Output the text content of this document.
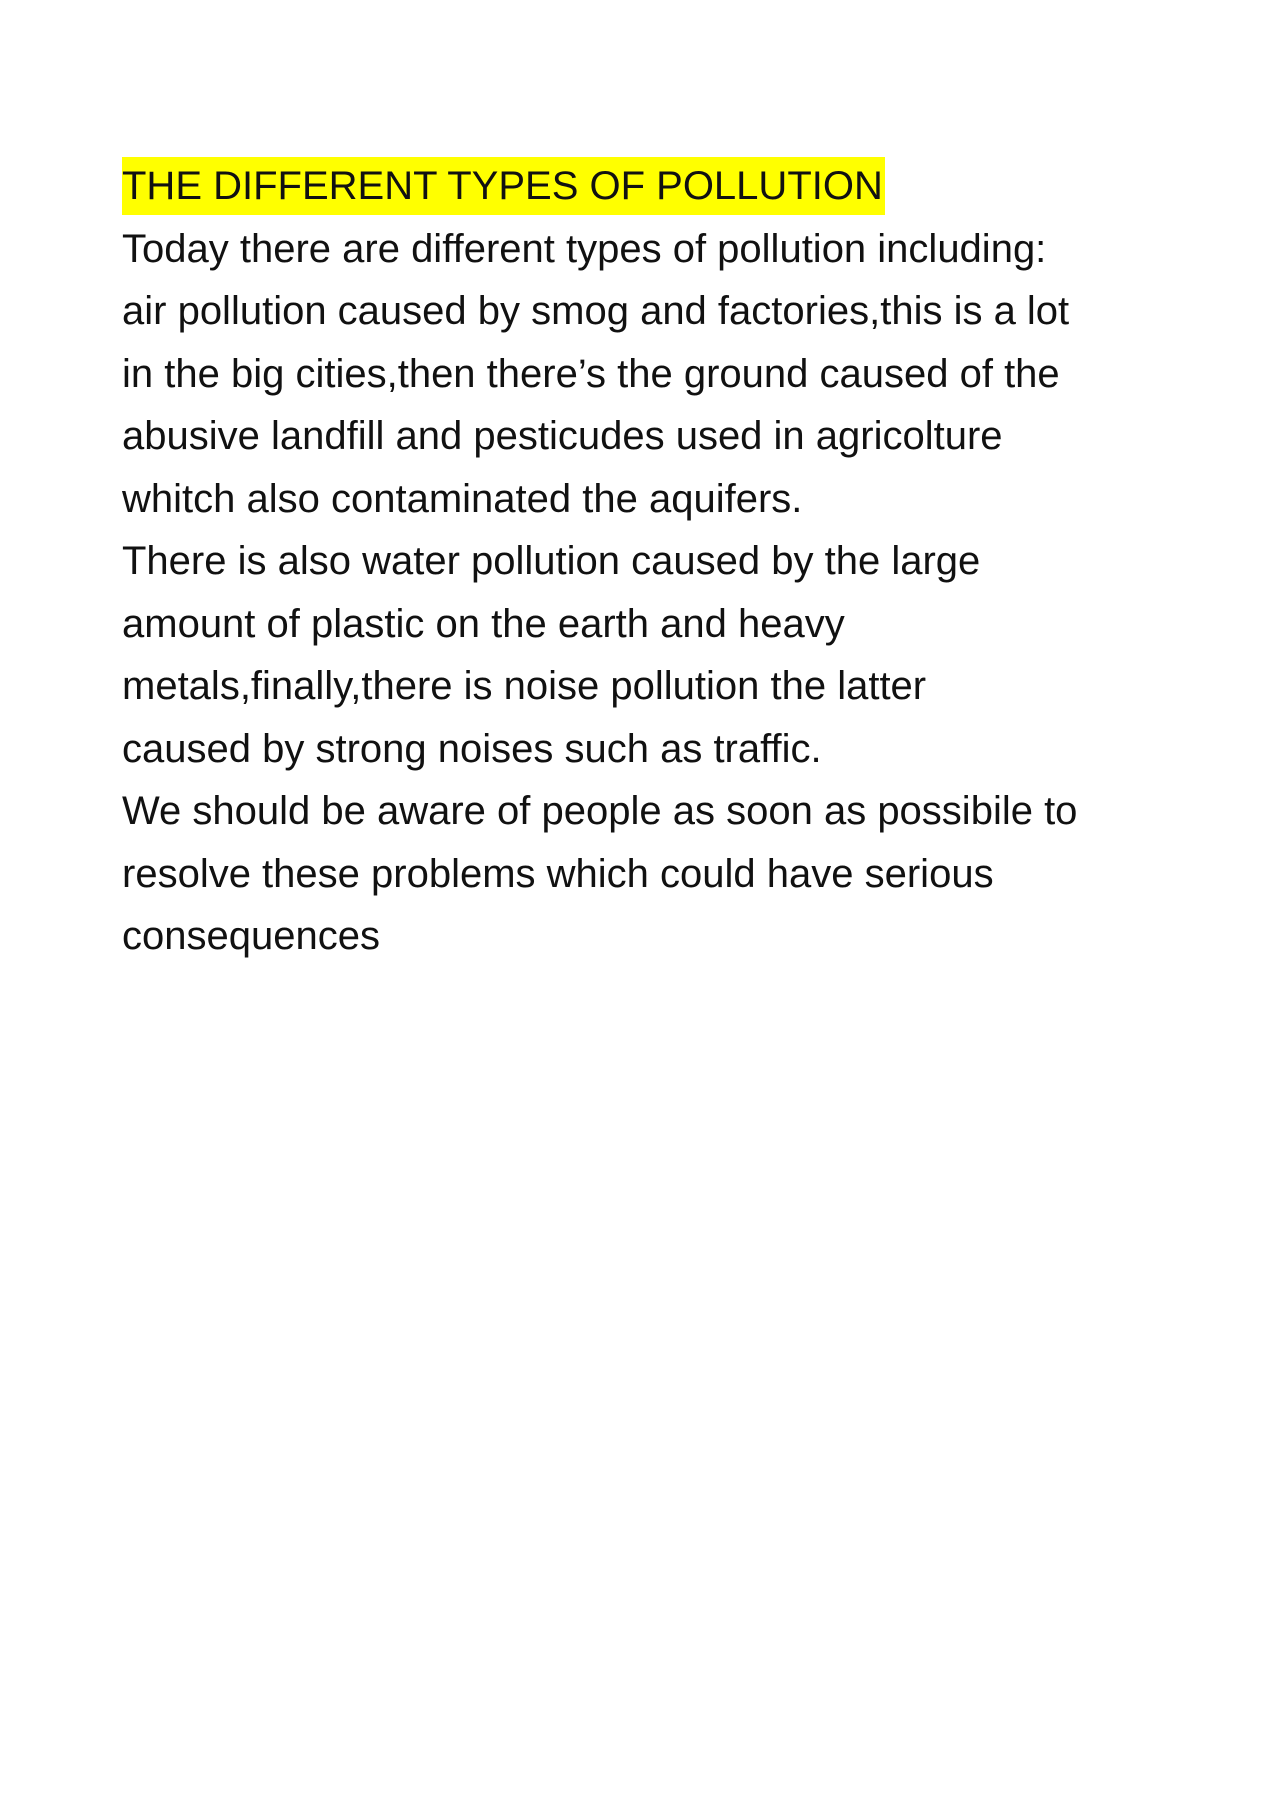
THE DIFFERENT TYPES OF POLLUTION
Today there are different types of pollution including:
air pollution caused by smog and factories,this is a lot
in the big cities,then there’s the ground caused of the
abusive landfill and pesticudes used in agricolture
whitch also contaminated the aquifers.
There is also water pollution caused by the large
amount of plastic on the earth and heavy
metals,finally,there is noise pollution the latter
caused by strong noises such as traffic.
We should be aware of people as soon as possibile to
resolve these problems which could have serious
consequences
